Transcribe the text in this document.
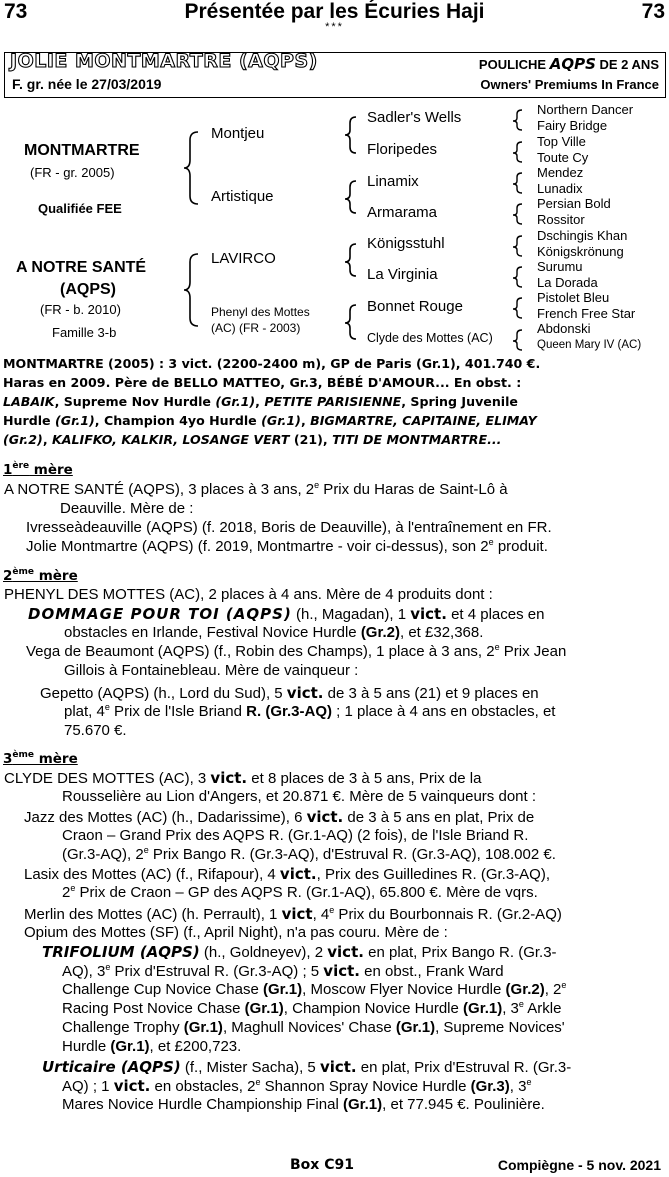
73	Présentée par les Écuries Haji	73
***
JOLIE MONTMARTRE (AQPS)
F. gr. née le 27/03/2019
POULICHE AQPS DE 2 ANS
Owners' Premiums In France
MONTMARTRE
(FR - gr. 2005)
Qualifiée FEE
A NOTRE SANTÉ
(AQPS)
(FR - b. 2010)
Famille 3-b
Montjeu
Artistique
LAVIRCO
Phenyl des Mottes
(AC) (FR - 2003)
Sadler's Wells
Floripedes
Linamix
Armarama
Königsstuhl
La Virginia
Bonnet Rouge
Clyde des Mottes (AC)
Northern Dancer
Fairy Bridge
Top Ville
Toute Cy
Mendez
Lunadix
Persian Bold
Rossitor
Dschingis Khan
Königskrönung
Surumu
La Dorada
Pistolet Bleu
French Free Star
Abdonski
Queen Mary IV (AC)
MONTMARTRE (2005) : 3 vict. (2200-2400 m), GP de Paris (Gr.1), 401.740 €.
Haras en 2009. Père de BELLO MATTEO, Gr.3, BÉBÉ D'AMOUR... En obst. :
LABAIK, Supreme Nov Hurdle (Gr.1), PETITE PARISIENNE, Spring Juvenile
Hurdle (Gr.1), Champion 4yo Hurdle (Gr.1), BIGMARTRE, CAPITAINE, ELIMAY
(Gr.2), KALIFKO, KALKIR, LOSANGE VERT (21), TITI DE MONTMARTRE...
1ère mère
A NOTRE SANTÉ (AQPS), 3 places à 3 ans, 2e Prix du Haras de Saint-Lô à
Deauville. Mère de :
Ivresseàdeauville (AQPS) (f. 2018, Boris de Deauville), à l'entraînement en FR.
Jolie Montmartre (AQPS) (f. 2019, Montmartre - voir ci-dessus), son 2e produit.
2ème mère
PHENYL DES MOTTES (AC), 2 places à 4 ans. Mère de 4 produits dont :
DOMMAGE POUR TOI (AQPS) (h., Magadan), 1 vict. et 4 places en
obstacles en Irlande, Festival Novice Hurdle (Gr.2), et £32,368.
Vega de Beaumont (AQPS) (f., Robin des Champs), 1 place à 3 ans, 2e Prix Jean
Gillois à Fontainebleau. Mère de vainqueur :
Gepetto (AQPS) (h., Lord du Sud), 5 vict. de 3 à 5 ans (21) et 9 places en
plat, 4e Prix de l'Isle Briand R. (Gr.3-AQ) ; 1 place à 4 ans en obstacles, et
75.670 €.
3ème mère
CLYDE DES MOTTES (AC), 3 vict. et 8 places de 3 à 5 ans, Prix de la
Rousselière au Lion d'Angers, et 20.871 €. Mère de 5 vainqueurs dont :
Jazz des Mottes (AC) (h., Dadarissime), 6 vict. de 3 à 5 ans en plat, Prix de
Craon – Grand Prix des AQPS R. (Gr.1-AQ) (2 fois), de l'Isle Briand R.
(Gr.3-AQ), 2e Prix Bango R. (Gr.3-AQ), d'Estruval R. (Gr.3-AQ), 108.002 €.
Lasix des Mottes (AC) (f., Rifapour), 4 vict., Prix des Guilledines R. (Gr.3-AQ),
2e Prix de Craon – GP des AQPS R. (Gr.1-AQ), 65.800 €. Mère de vqrs.
Merlin des Mottes (AC) (h. Perrault), 1 vict, 4e Prix du Bourbonnais R. (Gr.2-AQ)
Opium des Mottes (SF) (f., April Night), n'a pas couru. Mère de :
TRIFOLIUM (AQPS) (h., Goldneyev), 2 vict. en plat, Prix Bango R. (Gr.3-
AQ), 3e Prix d'Estruval R. (Gr.3-AQ) ; 5 vict. en obst., Frank Ward
Challenge Cup Novice Chase (Gr.1), Moscow Flyer Novice Hurdle (Gr.2), 2e
Racing Post Novice Chase (Gr.1), Champion Novice Hurdle (Gr.1), 3e Arkle
Challenge Trophy (Gr.1), Maghull Novices' Chase (Gr.1), Supreme Novices'
Hurdle (Gr.1), et £200,723.
Urticaire (AQPS) (f., Mister Sacha), 5 vict. en plat, Prix d'Estruval R. (Gr.3-
AQ) ; 1 vict. en obstacles, 2e Shannon Spray Novice Hurdle (Gr.3), 3e
Mares Novice Hurdle Championship Final (Gr.1), et 77.945 €. Poulinière.
Box C91	Compiègne - 5 nov. 2021
